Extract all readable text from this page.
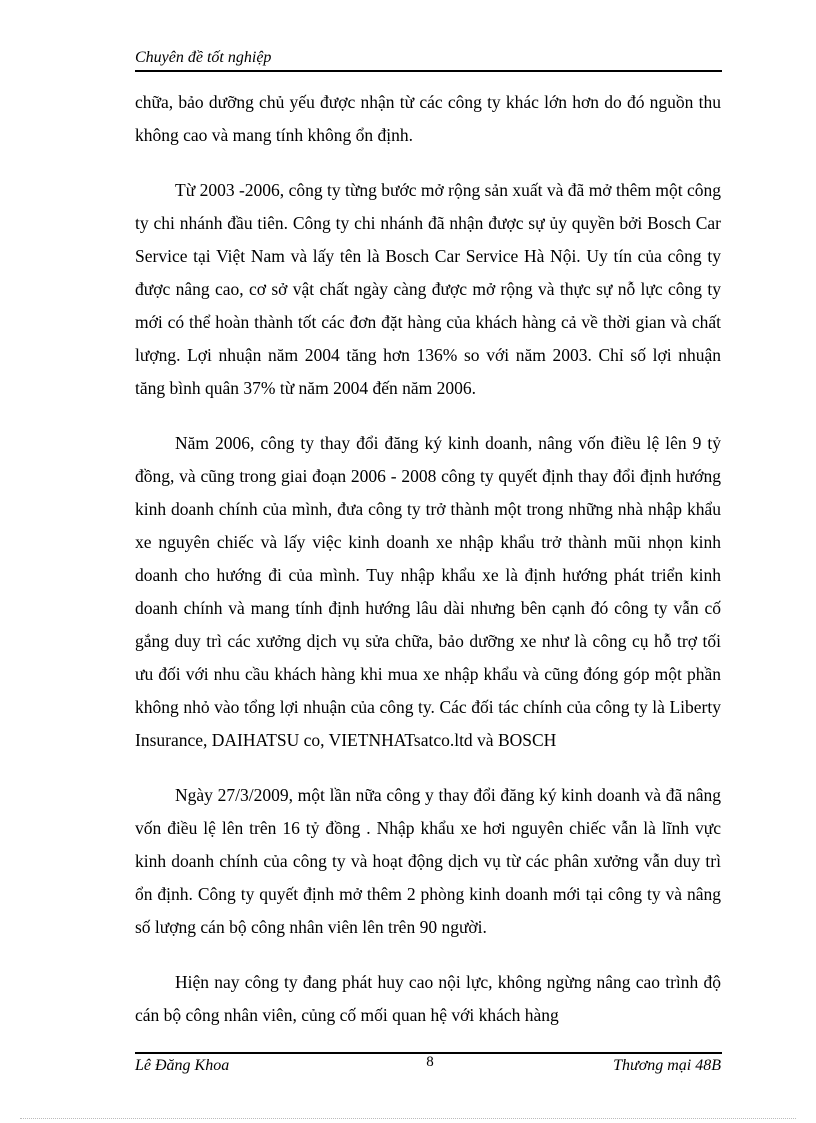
Chuyên đề tốt nghiệp

chữa, bảo dưỡng chủ yếu được nhận từ các công ty khác lớn hơn do đó nguồn thu không cao và mang tính không ổn định.

Từ 2003 -2006, công ty từng bước mở rộng sản xuất và đã mở thêm một công ty chi nhánh đầu tiên. Công ty chi nhánh đã nhận được sự ủy quyền bởi Bosch Car Service tại Việt Nam và lấy tên là Bosch Car Service Hà Nội. Uy tín của công ty được nâng cao, cơ sở vật chất ngày càng được mở rộng và thực sự nỗ lực công ty mới có thể hoàn thành tốt các đơn đặt hàng của khách hàng cả về thời gian và chất lượng. Lợi nhuận năm 2004 tăng hơn 136% so với năm 2003. Chỉ số lợi nhuận tăng bình quân 37% từ năm 2004 đến năm 2006.

Năm 2006, công ty thay đổi đăng ký kinh doanh, nâng vốn điều lệ lên 9 tỷ đồng, và cũng trong giai đoạn 2006 - 2008 công ty quyết định thay đổi định hướng kinh doanh chính của mình, đưa công ty trở thành một trong những nhà nhập khẩu xe nguyên chiếc và lấy việc kinh doanh xe nhập khẩu trở thành mũi nhọn kinh doanh cho hướng đi của mình. Tuy nhập khẩu xe là định hướng phát triển kinh doanh chính và mang tính định hướng lâu dài nhưng bên cạnh đó công ty vẫn cố gắng duy trì các xưởng dịch vụ sửa chữa, bảo dưỡng xe như là công cụ hỗ trợ tối ưu đối với nhu cầu khách hàng khi mua xe nhập khẩu và cũng đóng góp một phần không nhỏ vào tổng lợi nhuận của công ty. Các đối tác chính của công ty là Liberty Insurance, DAIHATSU co, VIETNHATsatco.ltd và BOSCH

Ngày 27/3/2009, một lần nữa công y thay đổi đăng ký kinh doanh và đã nâng vốn điều lệ lên trên 16 tỷ đồng . Nhập khẩu xe hơi nguyên chiếc vẫn là lĩnh vực kinh doanh chính của công ty và hoạt động dịch vụ từ các phân xưởng vẫn duy trì ổn định. Công ty quyết định mở thêm 2 phòng kinh doanh mới tại công ty và nâng số lượng cán bộ công nhân viên lên trên 90 người.

Hiện nay công ty đang phát huy cao nội lực, không ngừng nâng cao trình độ cán bộ công nhân viên, củng cố mối quan hệ với khách hàng

Lê Đăng Khoa	8	Thương mại 48B
